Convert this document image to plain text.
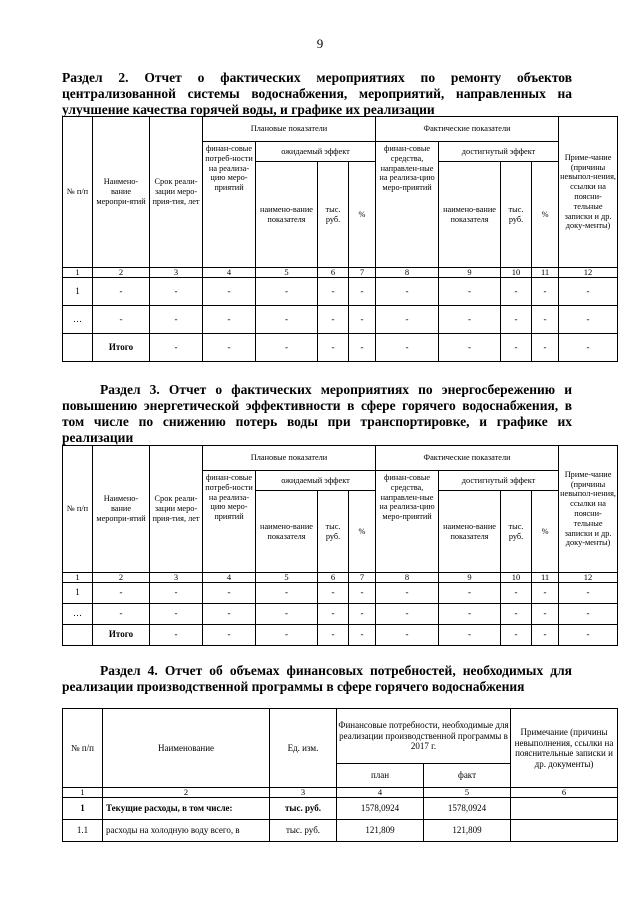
9
Раздел 2. Отчет о фактических мероприятиях по ремонту объектов централизованной системы водоснабжения, мероприятий, направленных на улучшение качества горячей воды, и графике их реализации
№ п/п	Наимено-вание меропри-ятий	Срок реали-зации меро-прия-тия, лет	Плановые показатели				Фактические показатели				Приме-чание (причины невыпол-нения, ссылки на поясни-тельные записки и др. доку-менты)
			финан-совые потреб-ности на реализа-цию меро-приятий	ожидаемый эффект			финан-совые средства, направлен-ные на реализа-цию меро-приятий	достигнутый эффект			
				наимено-вание показателя	тыс. руб.	%		наимено-вание показателя	тыс. руб.	%	
1	2	3	4	5	6	7	8	9	10	11	12
1	-	-	-	-	-	-	-	-	-	-	-
…	-	-	-	-	-	-	-	-	-	-	-
	Итого	-	-	-	-	-	-	-	-	-	-
Раздел 3. Отчет о фактических мероприятиях по энергосбережению и повышению энергетической эффективности в сфере горячего водоснабжения, в том числе по снижению потерь воды при транспортировке, и графике их реализации
№ п/п	Наимено-вание меропри-ятий	Срок реали-зации меро-прия-тия, лет	Плановые показатели				Фактические показатели				Приме-чание (причины невыпол-нения, ссылки на поясни-тельные записки и др. доку-менты)
			финан-совые потреб-ности на реализа-цию меро-приятий	ожидаемый эффект			финан-совые средства, направлен-ные на реализа-цию меро-приятий	достигнутый эффект			
				наимено-вание показателя	тыс. руб.	%		наимено-вание показателя	тыс. руб.	%	
1	2	3	4	5	6	7	8	9	10	11	12
1	-	-	-	-	-	-	-	-	-	-	-
…	-	-	-	-	-	-	-	-	-	-	-
	Итого	-	-	-	-	-	-	-	-	-	-
Раздел 4. Отчет об объемах финансовых потребностей, необходимых для реализации производственной программы в сфере горячего водоснабжения
№ п/п	Наименование	Ед. изм.	Финансовые потребности, необходимые для реализации производственной программы в 2017 г.		Примечание (причины невыполнения, ссылки на пояснительные записки и др. документы)
			план	факт	
1	2	3	4	5	6
1	Текущие расходы, в том числе:	тыс. руб.	1578,0924	1578,0924	
1.1	расходы на холодную воду всего, в	тыс. руб.	121,809	121,809	
